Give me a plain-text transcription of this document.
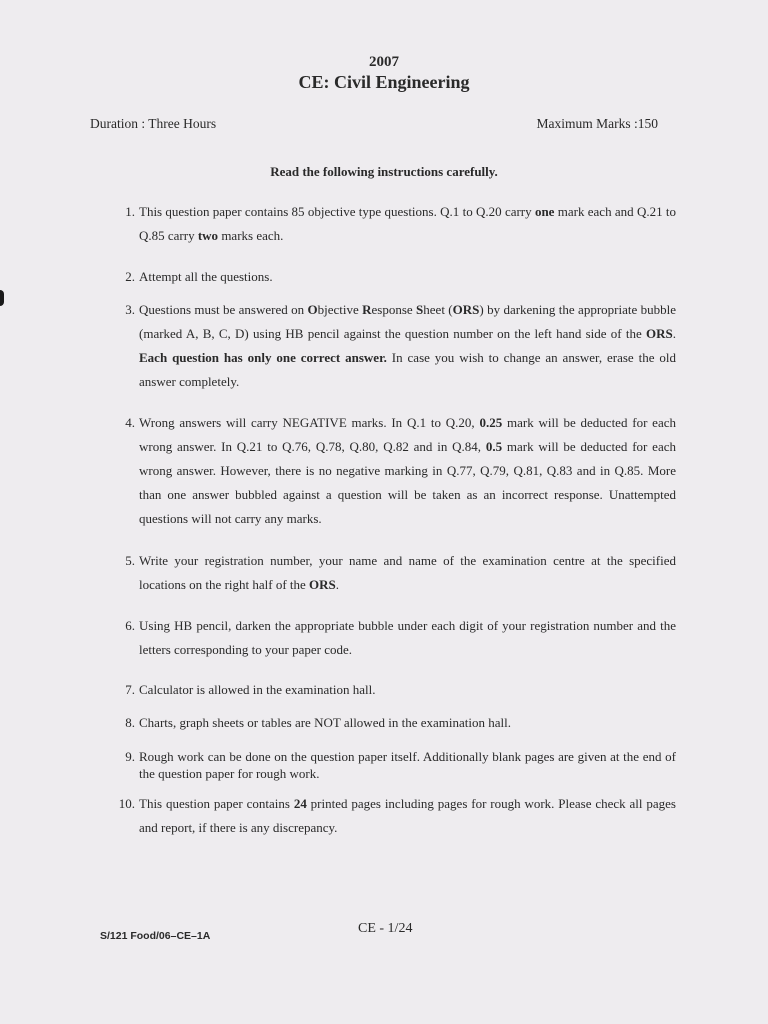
2007
CE: Civil Engineering
Duration : Three Hours	Maximum Marks :150
Read the following instructions carefully.
1. This question paper contains 85 objective type questions. Q.1 to Q.20 carry one mark each and Q.21 to Q.85 carry two marks each.
2. Attempt all the questions.
3. Questions must be answered on Objective Response Sheet (ORS) by darkening the appropriate bubble (marked A, B, C, D) using HB pencil against the question number on the left hand side of the ORS. Each question has only one correct answer. In case you wish to change an answer, erase the old answer completely.
4. Wrong answers will carry NEGATIVE marks. In Q.1 to Q.20, 0.25 mark will be deducted for each wrong answer. In Q.21 to Q.76, Q.78, Q.80, Q.82 and in Q.84, 0.5 mark will be deducted for each wrong answer. However, there is no negative marking in Q.77, Q.79, Q.81, Q.83 and in Q.85. More than one answer bubbled against a question will be taken as an incorrect response. Unattempted questions will not carry any marks.
5. Write your registration number, your name and name of the examination centre at the specified locations on the right half of the ORS.
6. Using HB pencil, darken the appropriate bubble under each digit of your registration number and the letters corresponding to your paper code.
7. Calculator is allowed in the examination hall.
8. Charts, graph sheets or tables are NOT allowed in the examination hall.
9. Rough work can be done on the question paper itself. Additionally blank pages are given at the end of the question paper for rough work.
10. This question paper contains 24 printed pages including pages for rough work. Please check all pages and report, if there is any discrepancy.
S/121 Food/06–CE–1A	CE - 1/24
